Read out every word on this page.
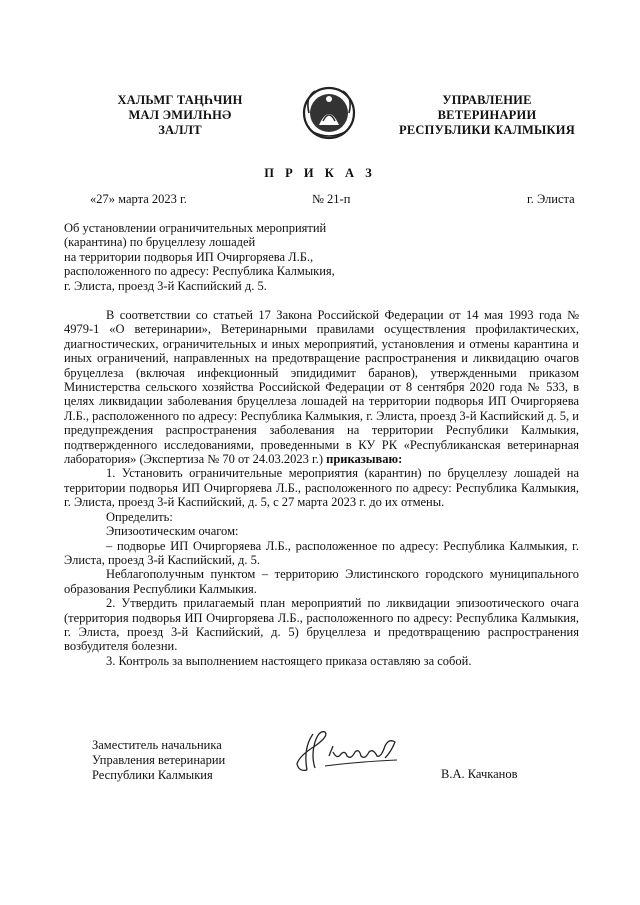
ХАЛЬМГ ТАҢҺЧИН
МАЛ ЭМИЛҺНӘ
ЗАЛЛТ
УПРАВЛЕНИЕ
ВЕТЕРИНАРИИ
РЕСПУБЛИКИ КАЛМЫКИЯ
П Р И К А З
«27» марта 2023 г.	№ 21-п	г. Элиста
Об установлении ограничительных мероприятий
(карантина) по бруцеллезу лошадей
на территории подворья ИП Очиргоряева Л.Б.,
расположенного по адресу: Республика Калмыкия,
г. Элиста, проезд 3-й Каспийский д. 5.

В соответствии со статьей 17 Закона Российской Федерации от 14 мая 1993 года № 4979-1 «О ветеринарии», Ветеринарными правилами осуществления профилактических, диагностических, ограничительных и иных мероприятий, установления и отмены карантина и иных ограничений, направленных на предотвращение распространения и ликвидацию очагов бруцеллеза (включая инфекционный эпидидимит баранов), утвержденными приказом Министерства сельского хозяйства Российской Федерации от 8 сентября 2020 года № 533, в целях ликвидации заболевания бруцеллеза лошадей на территории подворья ИП Очиргоряева Л.Б., расположенного по адресу: Республика Калмыкия, г. Элиста, проезд 3-й Каспийский д. 5, и предупреждения распространения заболевания на территории Республики Калмыкия, подтвержденного исследованиями, проведенными в КУ РК «Республиканская ветеринарная лаборатория» (Экспертиза № 70 от 24.03.2023 г.) приказываю:

1. Установить ограничительные мероприятия (карантин) по бруцеллезу лошадей на территории подворья ИП Очиргоряева Л.Б., расположенного по адресу: Республика Калмыкия, г. Элиста, проезд 3-й Каспийский, д. 5, с 27 марта 2023 г. до их отмены.

Определить:

Эпизоотическим очагом:

– подворье ИП Очиргоряева Л.Б., расположенное по адресу: Республика Калмыкия, г. Элиста, проезд 3-й Каспийский, д. 5.

Неблагополучным пунктом – территорию Элистинского городского муниципального образования Республики Калмыкия.

2. Утвердить прилагаемый план мероприятий по ликвидации эпизоотического очага (территория подворья ИП Очиргоряева Л.Б., расположенного по адресу: Республика Калмыкия, г. Элиста, проезд 3-й Каспийский, д. 5) бруцеллеза и предотвращению распространения возбудителя болезни.

3. Контроль за выполнением настоящего приказа оставляю за собой.

Заместитель начальника
Управления ветеринарии
Республики Калмыкия	В.А. Качканов
